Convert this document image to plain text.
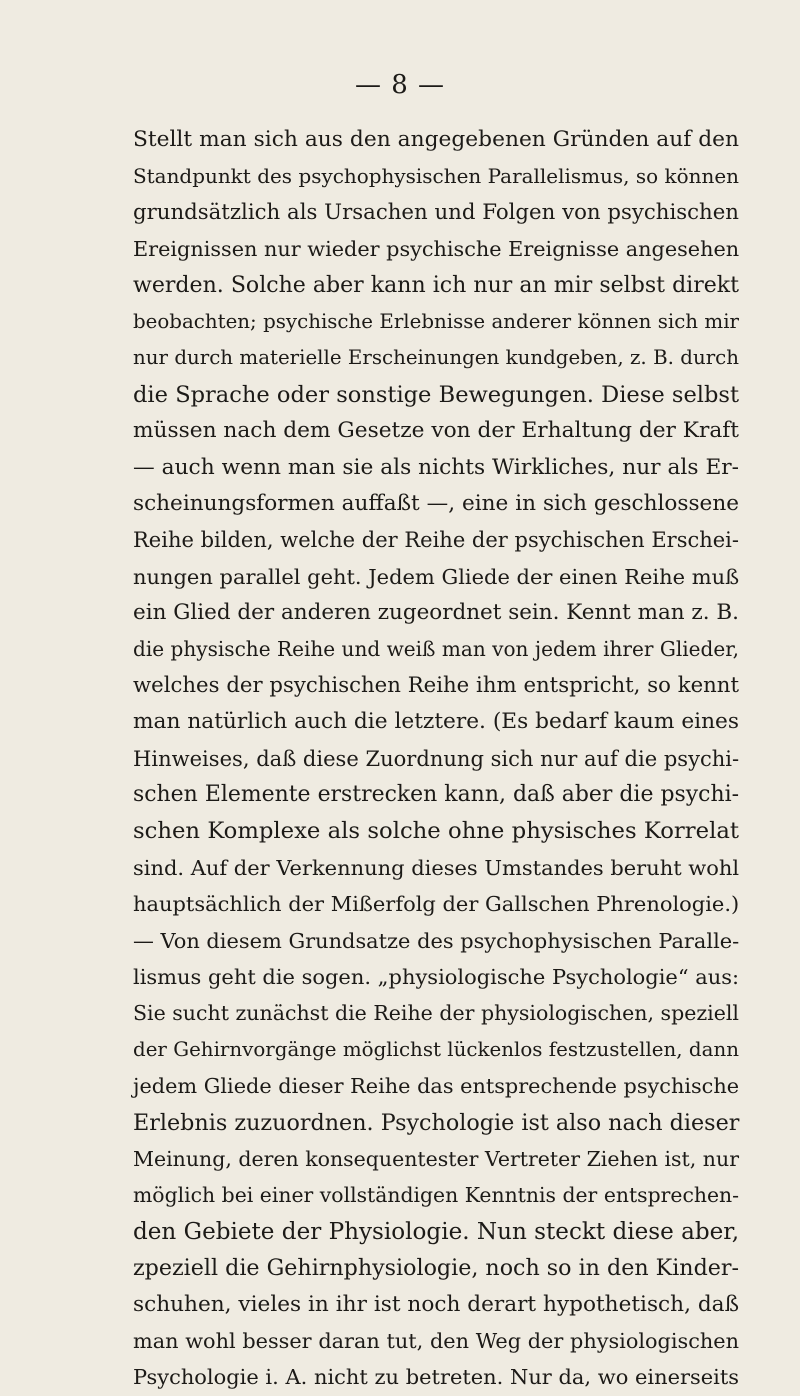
— 8 —
Stellt man sich aus den angegebenen Gründen auf den
Standpunkt des psychophysischen Parallelismus, so können
grundsätzlich als Ursachen und Folgen von psychischen
Ereignissen nur wieder psychische Ereignisse angesehen
werden. Solche aber kann ich nur an mir selbst direkt
beobachten; psychische Erlebnisse anderer können sich mir
nur durch materielle Erscheinungen kundgeben, z. B. durch
die Sprache oder sonstige Bewegungen. Diese selbst
müssen nach dem Gesetze von der Erhaltung der Kraft
— auch wenn man sie als nichts Wirkliches, nur als Er-
scheinungsformen auffaßt —, eine in sich geschlossene
Reihe bilden, welche der Reihe der psychischen Erschei-
nungen parallel geht. Jedem Gliede der einen Reihe muß
ein Glied der anderen zugeordnet sein. Kennt man z. B.
die physische Reihe und weiß man von jedem ihrer Glieder,
welches der psychischen Reihe ihm entspricht, so kennt
man natürlich auch die letztere. (Es bedarf kaum eines
Hinweises, daß diese Zuordnung sich nur auf die psychi-
schen Elemente erstrecken kann, daß aber die psychi-
schen Komplexe als solche ohne physisches Korrelat
sind. Auf der Verkennung dieses Umstandes beruht wohl
hauptsächlich der Mißerfolg der Gallschen Phrenologie.)
— Von diesem Grundsatze des psychophysischen Paralle-
lismus geht die sogen. „physiologische Psychologie“ aus:
Sie sucht zunächst die Reihe der physiologischen, speziell
der Gehirnvorgänge möglichst lückenlos festzustellen, dann
jedem Gliede dieser Reihe das entsprechende psychische
Erlebnis zuzuordnen. Psychologie ist also nach dieser
Meinung, deren konsequentester Vertreter Ziehen ist, nur
möglich bei einer vollständigen Kenntnis der entsprechen-
den Gebiete der Physiologie. Nun steckt diese aber,
zpeziell die Gehirnphysiologie, noch so in den Kinder-
schuhen, vieles in ihr ist noch derart hypothetisch, daß
man wohl besser daran tut, den Weg der physiologischen
Psychologie i. A. nicht zu betreten. Nur da, wo einerseits
